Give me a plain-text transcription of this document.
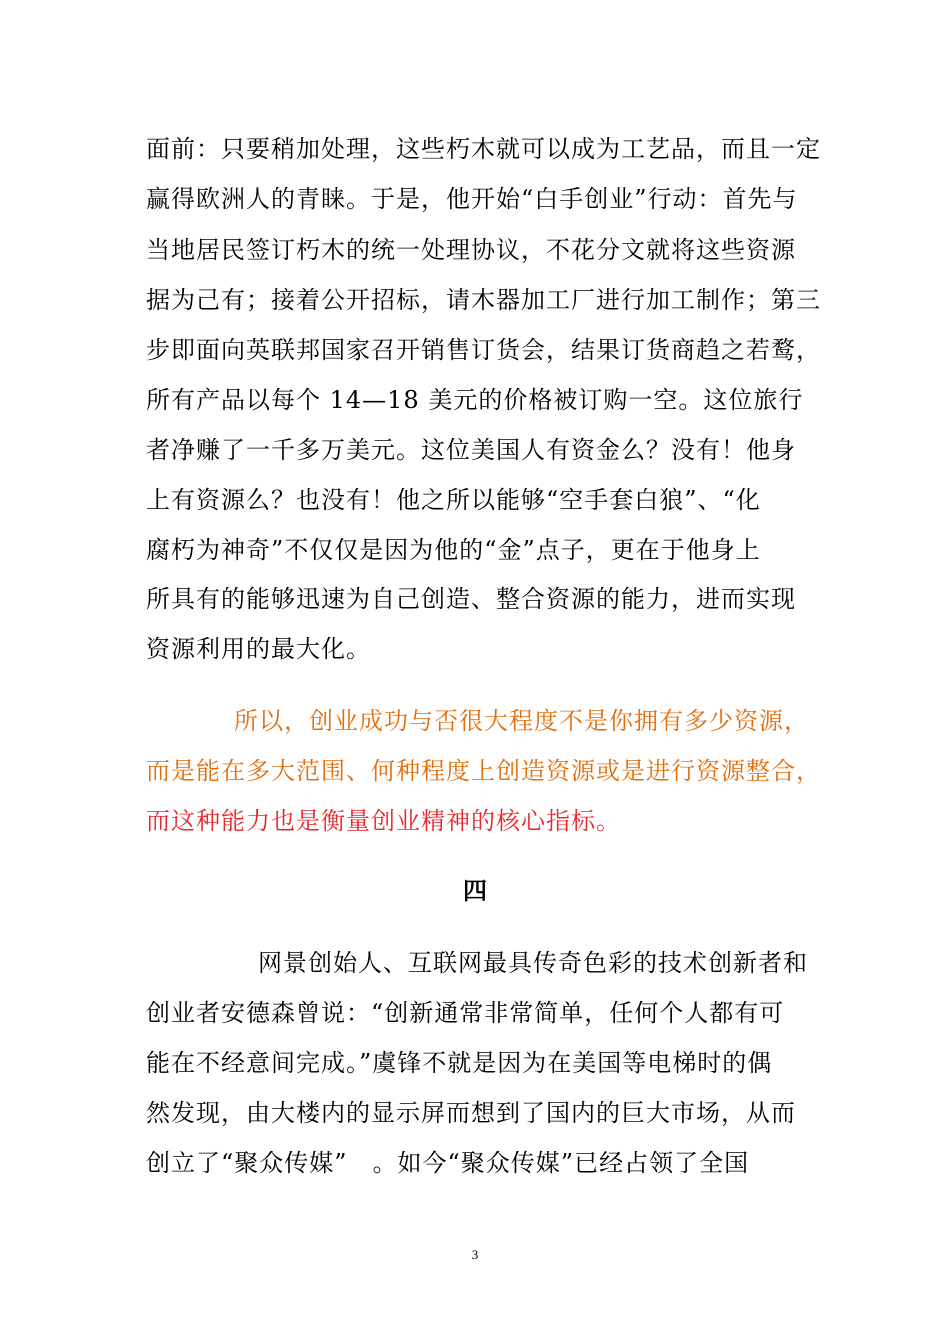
面前：只要稍加处理，这些朽木就可以成为工艺品，而且一定
赢得欧洲人的青睐。于是，他开始“白手创业”行动：首先与
当地居民签订朽木的统一处理协议，不花分文就将这些资源
据为己有；接着公开招标，请木器加工厂进行加工制作；第三
步即面向英联邦国家召开销售订货会，结果订货商趋之若鹜，
所有产品以每个 14—18 美元的价格被订购一空。这位旅行
者净赚了一千多万美元。这位美国人有资金么？没有！他身
上有资源么？也没有！他之所以能够“空手套白狼”、“化
腐朽为神奇”不仅仅是因为他的“金”点子，更在于他身上
所具有的能够迅速为自己创造、整合资源的能力，进而实现
资源利用的最大化。
所以，创业成功与否很大程度不是你拥有多少资源，
而是能在多大范围、何种程度上创造资源或是进行资源整合，
而这种能力也是衡量创业精神的核心指标。
四
网景创始人、互联网最具传奇色彩的技术创新者和
创业者安德森曾说：“创新通常非常简单，任何个人都有可
能在不经意间完成。”虞锋不就是因为在美国等电梯时的偶
然发现，由大楼内的显示屏而想到了国内的巨大市场，从而
创立了“聚众传媒”　。如今“聚众传媒”已经占领了全国
3
